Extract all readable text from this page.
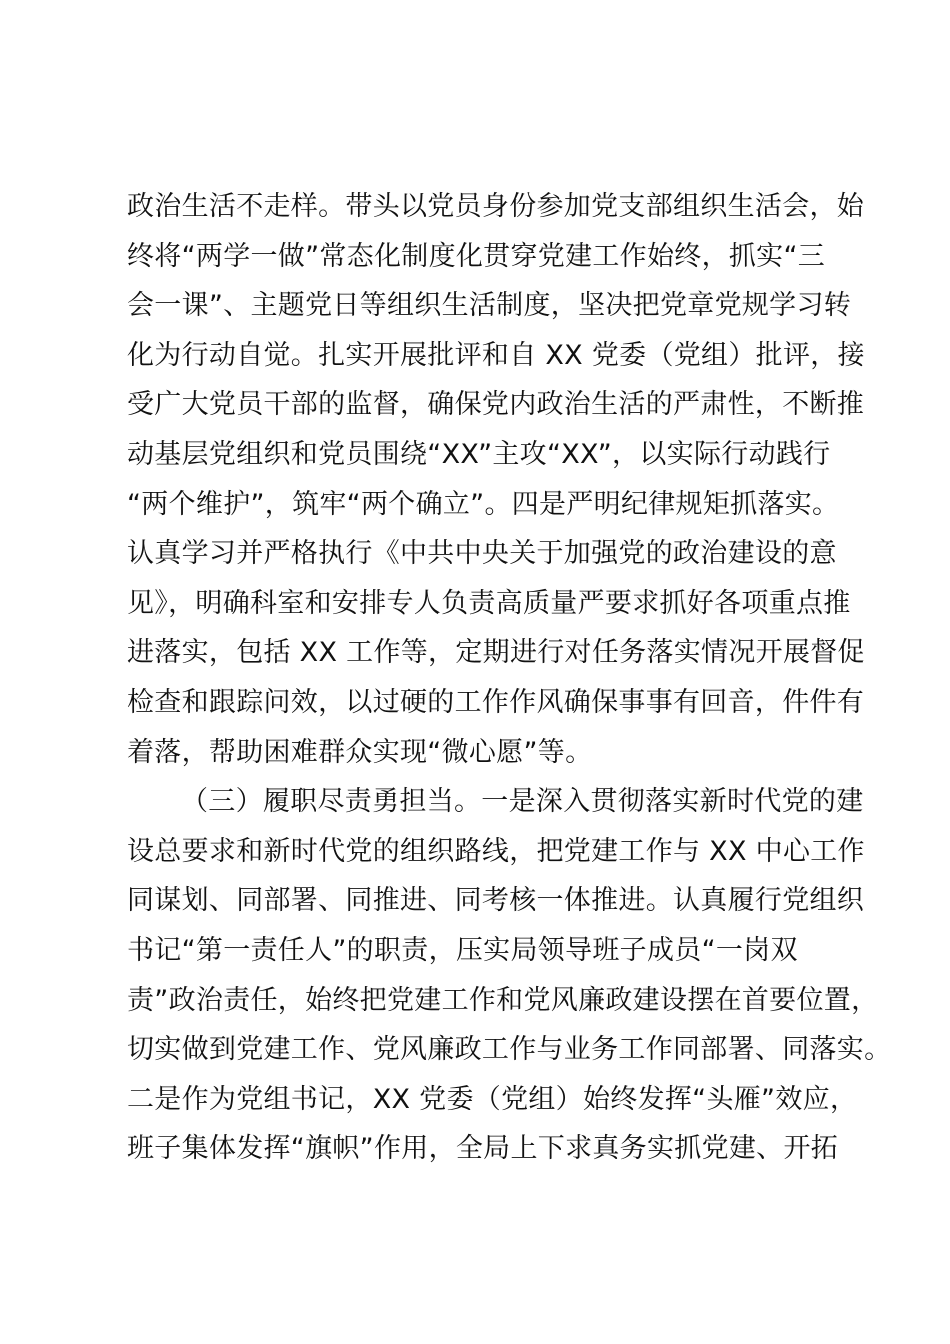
政治生活不走样。带头以党员身份参加党支部组织生活会，始
终将“两学一做”常态化制度化贯穿党建工作始终，抓实“三
会一课”、主题党日等组织生活制度，坚决把党章党规学习转
化为行动自觉。扎实开展批评和自 XX 党委（党组）批评，接
受广大党员干部的监督，确保党内政治生活的严肃性，不断推
动基层党组织和党员围绕“XX”主攻“XX”，以实际行动践行
“两个维护”，筑牢“两个确立”。四是严明纪律规矩抓落实。
认真学习并严格执行《中共中央关于加强党的政治建设的意
见》，明确科室和安排专人负责高质量严要求抓好各项重点推
进落实，包括 XX 工作等，定期进行对任务落实情况开展督促
检查和跟踪问效，以过硬的工作作风确保事事有回音，件件有
着落，帮助困难群众实现“微心愿”等。
（三）履职尽责勇担当。一是深入贯彻落实新时代党的建
设总要求和新时代党的组织路线，把党建工作与 XX 中心工作
同谋划、同部署、同推进、同考核一体推进。认真履行党组织
书记“第一责任人”的职责，压实局领导班子成员“一岗双
责”政治责任，始终把党建工作和党风廉政建设摆在首要位置，
切实做到党建工作、党风廉政工作与业务工作同部署、同落实。
二是作为党组书记，XX 党委（党组）始终发挥“头雁”效应，
班子集体发挥“旗帜”作用，全局上下求真务实抓党建、开拓
